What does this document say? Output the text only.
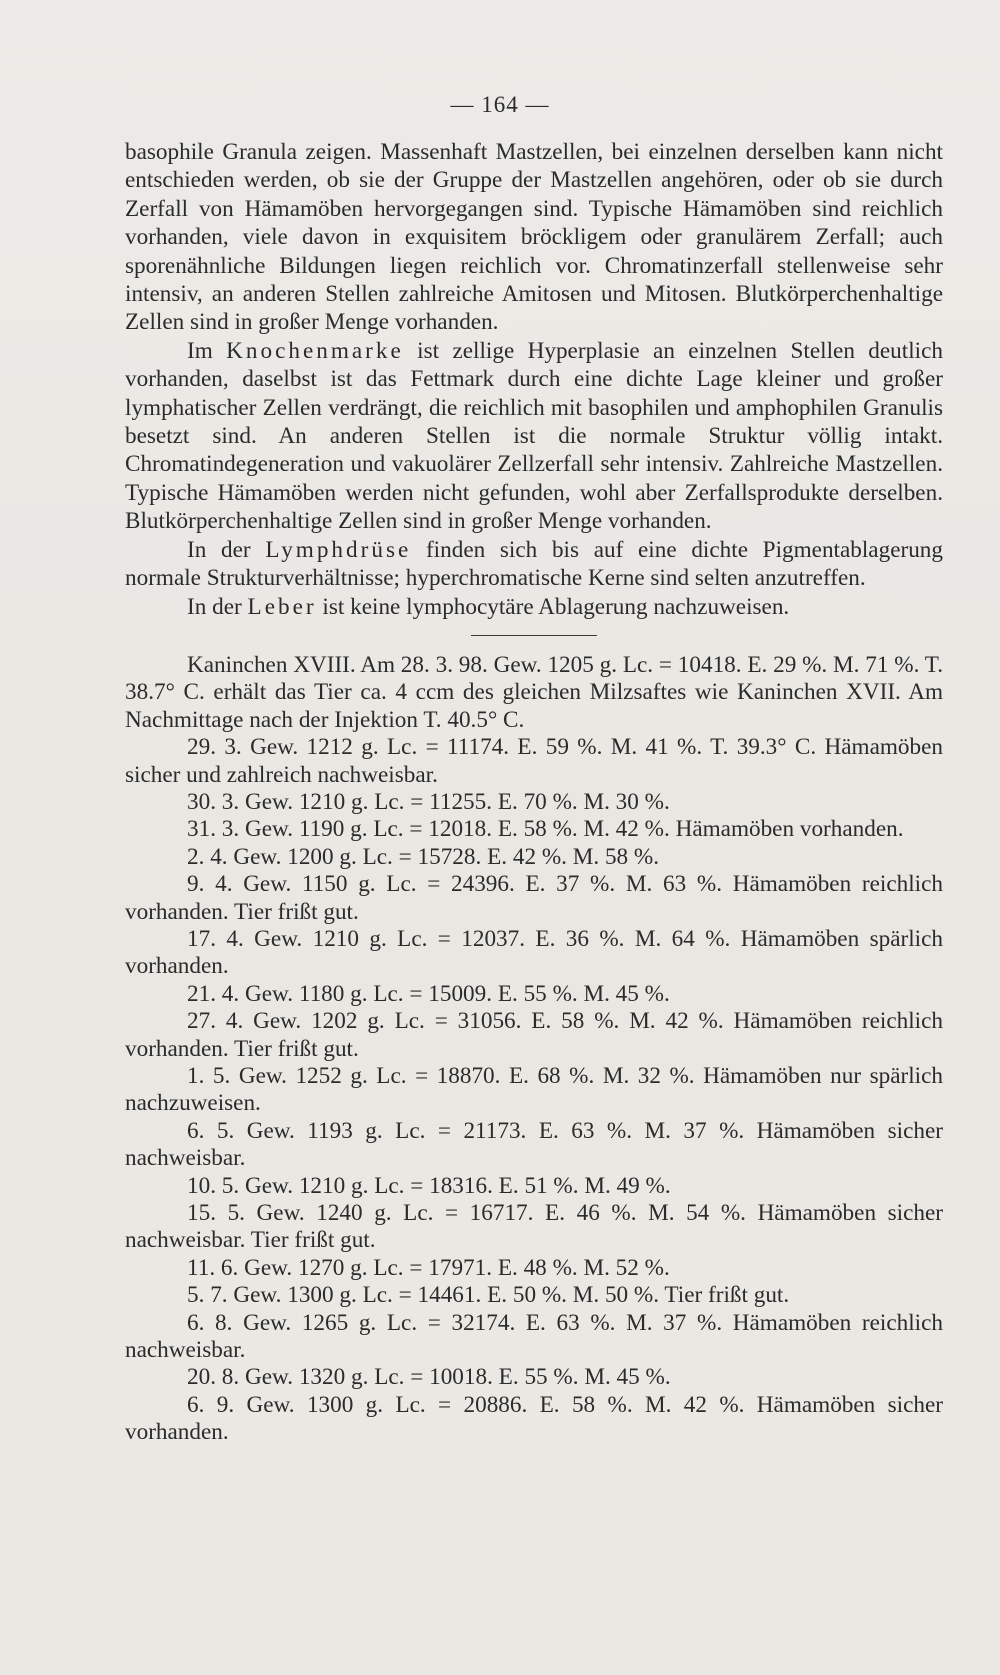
— 164 —

basophile Granula zeigen. Massenhaft Mastzellen, bei einzelnen derselben kann nicht entschieden werden, ob sie der Gruppe der Mastzellen angehören, oder ob sie durch Zerfall von Hämamöben hervorgegangen sind. Typische Hämamöben sind reichlich vorhanden, viele davon in exquisitem bröckligem oder granulärem Zerfall; auch sporenähnliche Bildungen liegen reichlich vor. Chromatinzerfall stellenweise sehr intensiv, an anderen Stellen zahlreiche Amitosen und Mitosen. Blutkörperchenhaltige Zellen sind in großer Menge vorhanden.

Im Knochenmarke ist zellige Hyperplasie an einzelnen Stellen deutlich vorhanden, daselbst ist das Fettmark durch eine dichte Lage kleiner und großer lymphatischer Zellen verdrängt, die reichlich mit basophilen und amphophilen Granulis besetzt sind. An anderen Stellen ist die normale Struktur völlig intakt. Chromatindegeneration und vakuolärer Zellzerfall sehr intensiv. Zahlreiche Mastzellen. Typische Hämamöben werden nicht gefunden, wohl aber Zerfallsprodukte derselben. Blutkörperchenhaltige Zellen sind in großer Menge vorhanden.

In der Lymphdrüse finden sich bis auf eine dichte Pigmentablagerung normale Strukturverhältnisse; hyperchromatische Kerne sind selten anzutreffen.

In der Leber ist keine lymphocytäre Ablagerung nachzuweisen.

Kaninchen XVIII. Am 28. 3. 98. Gew. 1205 g. Lc. = 10418. E. 29 %. M. 71 %. T. 38.7° C. erhält das Tier ca. 4 ccm des gleichen Milzsaftes wie Kaninchen XVII. Am Nachmittage nach der Injektion T. 40.5° C.

29. 3. Gew. 1212 g. Lc. = 11174. E. 59 %. M. 41 %. T. 39.3° C. Hämamöben sicher und zahlreich nachweisbar.

30. 3. Gew. 1210 g. Lc. = 11255. E. 70 %. M. 30 %.

31. 3. Gew. 1190 g. Lc. = 12018. E. 58 %. M. 42 %. Hämamöben vorhanden.

2. 4. Gew. 1200 g. Lc. = 15728. E. 42 %. M. 58 %.

9. 4. Gew. 1150 g. Lc. = 24396. E. 37 %. M. 63 %. Hämamöben reichlich vorhanden. Tier frißt gut.

17. 4. Gew. 1210 g. Lc. = 12037. E. 36 %. M. 64 %. Hämamöben spärlich vorhanden.

21. 4. Gew. 1180 g. Lc. = 15009. E. 55 %. M. 45 %.

27. 4. Gew. 1202 g. Lc. = 31056. E. 58 %. M. 42 %. Hämamöben reichlich vorhanden. Tier frißt gut.

1. 5. Gew. 1252 g. Lc. = 18870. E. 68 %. M. 32 %. Hämamöben nur spärlich nachzuweisen.

6. 5. Gew. 1193 g. Lc. = 21173. E. 63 %. M. 37 %. Hämamöben sicher nachweisbar.

10. 5. Gew. 1210 g. Lc. = 18316. E. 51 %. M. 49 %.

15. 5. Gew. 1240 g. Lc. = 16717. E. 46 %. M. 54 %. Hämamöben sicher nachweisbar. Tier frißt gut.

11. 6. Gew. 1270 g. Lc. = 17971. E. 48 %. M. 52 %.

5. 7. Gew. 1300 g. Lc. = 14461. E. 50 %. M. 50 %. Tier frißt gut.

6. 8. Gew. 1265 g. Lc. = 32174. E. 63 %. M. 37 %. Hämamöben reichlich nachweisbar.

20. 8. Gew. 1320 g. Lc. = 10018. E. 55 %. M. 45 %.

6. 9. Gew. 1300 g. Lc. = 20886. E. 58 %. M. 42 %. Hämamöben sicher vorhanden.
